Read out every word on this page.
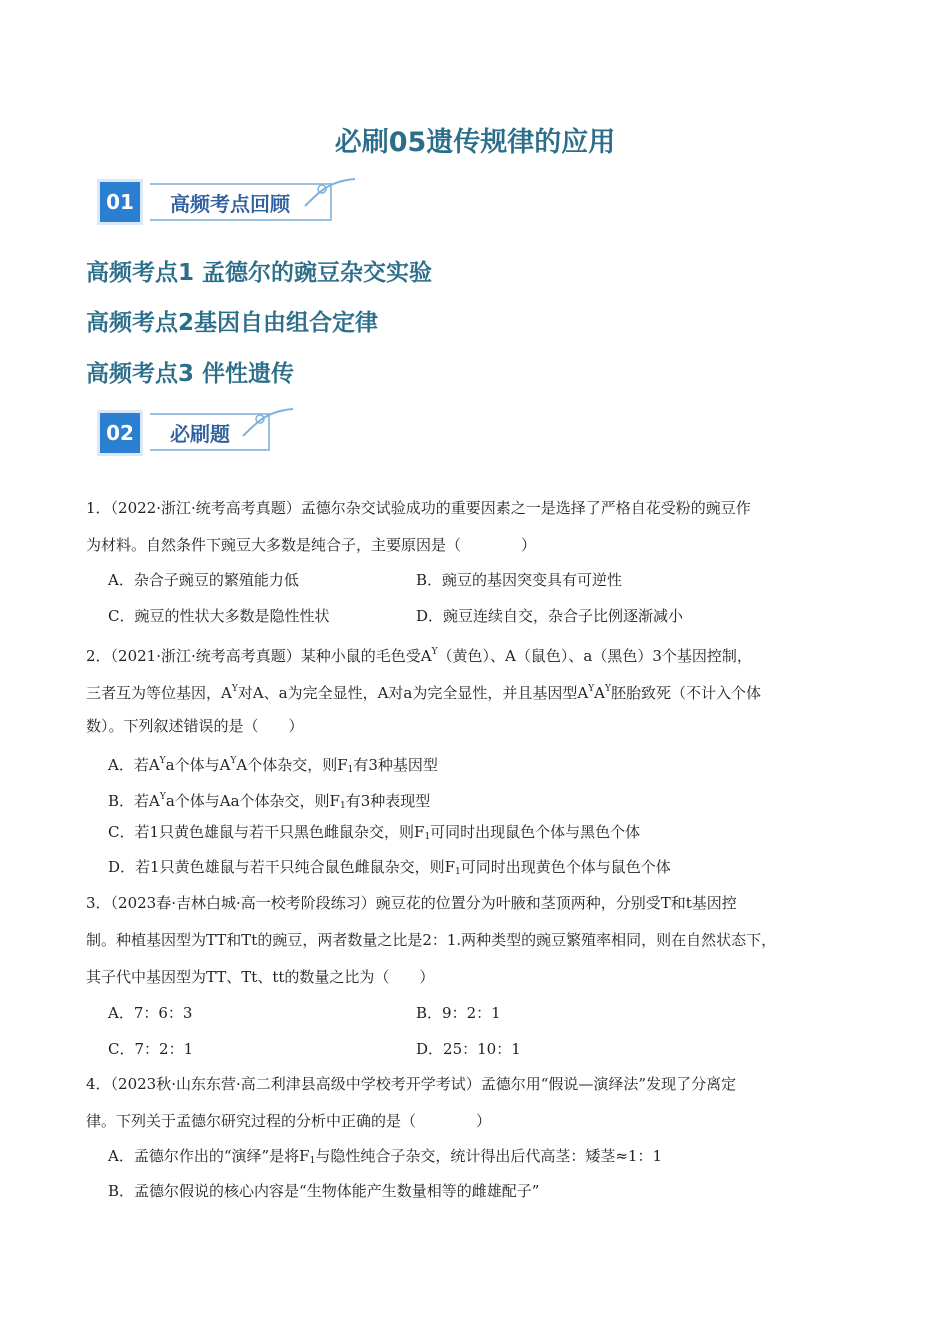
必刷05遗传规律的应用
01	高频考点回顾
高频考点1 孟德尔的豌豆杂交实验
高频考点2基因自由组合定律
高频考点3 伴性遗传
02	必刷题
1．（2022·浙江·统考高考真题）孟德尔杂交试验成功的重要因素之一是选择了严格自花受粉的豌豆作
为材料。自然条件下豌豆大多数是纯合子，主要原因是（　　　　）
A．杂合子豌豆的繁殖能力低	B．豌豆的基因突变具有可逆性
C．豌豆的性状大多数是隐性性状	D．豌豆连续自交，杂合子比例逐渐减小
2．（2021·浙江·统考高考真题）某种小鼠的毛色受$A^Y$（黄色）、A（鼠色）、a（黑色）3个基因控制，
三者互为等位基因，$A^Y$对A、a为完全显性，A对a为完全显性，并且基因型$A^YA^Y$胚胎致死（不计入个体
数）。下列叙述错误的是（　　）
A．若$A^Ya$个体与$A^YA$个体杂交，则$F_1$有3种基因型
B．若$A^Ya$个体与Aa个体杂交，则$F_1$有3种表现型
C．若1只黄色雄鼠与若干只黑色雌鼠杂交，则$F_1$可同时出现鼠色个体与黑色个体
D．若1只黄色雄鼠与若干只纯合鼠色雌鼠杂交，则$F_1$可同时出现黄色个体与鼠色个体
3．（2023春·吉林白城·高一校考阶段练习）豌豆花的位置分为叶腋和茎顶两种，分别受T和t基因控
制。种植基因型为TT和Tt的豌豆，两者数量之比是2：1.两种类型的豌豆繁殖率相同，则在自然状态下，
其子代中基因型为TT、Tt、tt的数量之比为（　　）
A．7：6：3	B．9：2：1
C．7：2：1	D．25：10：1
4．（2023秋·山东东营·高二利津县高级中学校考开学考试）孟德尔用“假说—演绎法”发现了分离定
律。下列关于孟德尔研究过程的分析中正确的是（　　　　）
A．孟德尔作出的“演绎”是将$F_1$与隐性纯合子杂交，统计得出后代高茎：矮茎≈1：1
B．孟德尔假说的核心内容是“生物体能产生数量相等的雌雄配子”
